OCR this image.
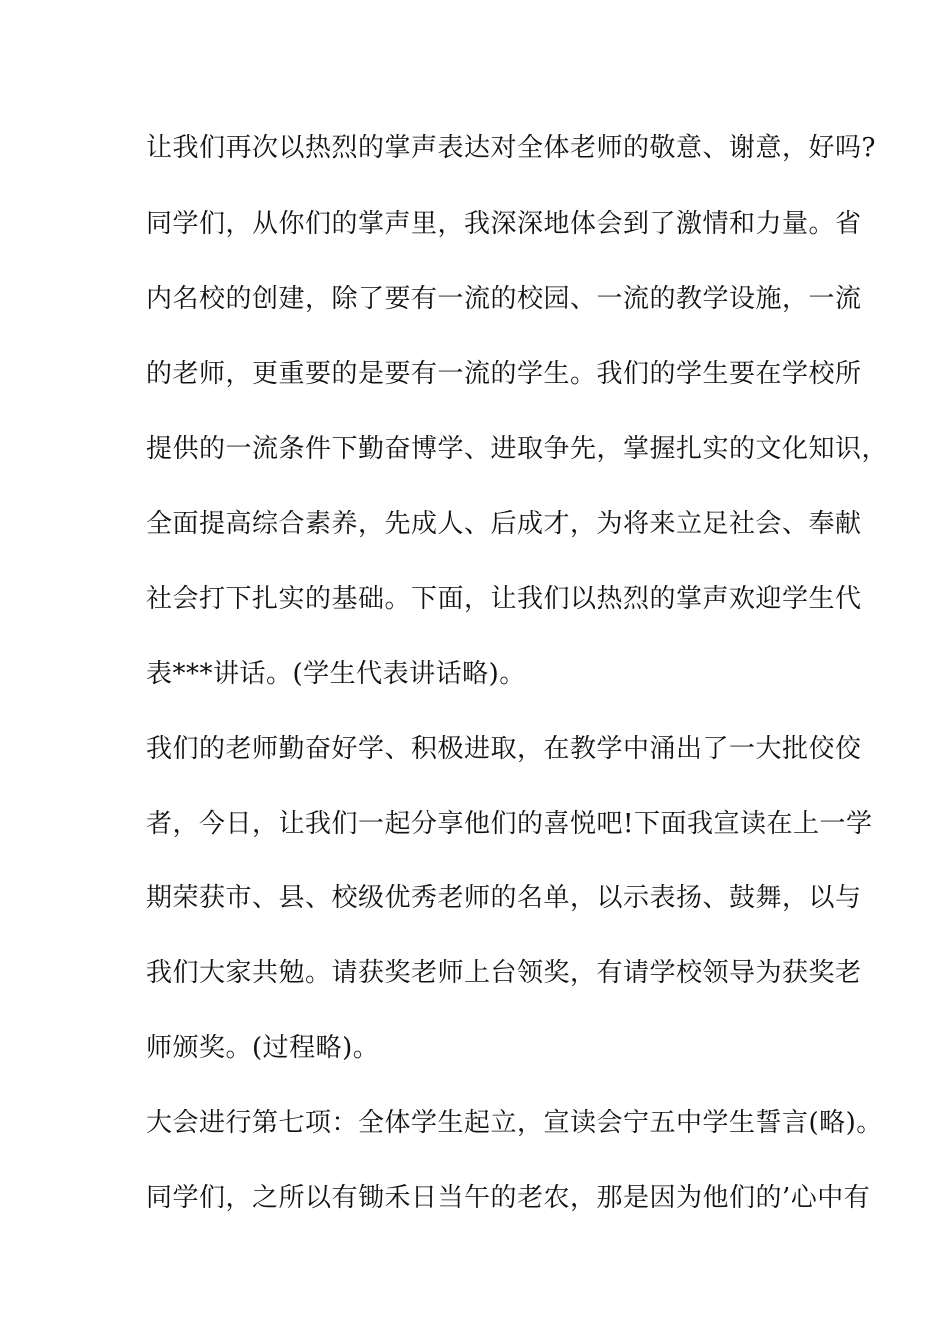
让我们再次以热烈的掌声表达对全体老师的敬意、谢意，好吗?
同学们，从你们的掌声里，我深深地体会到了激情和力量。省
内名校的创建，除了要有一流的校园、一流的教学设施，一流
的老师，更重要的是要有一流的学生。我们的学生要在学校所
提供的一流条件下勤奋博学、进取争先，掌握扎实的文化知识，
全面提高综合素养，先成人、后成才，为将来立足社会、奉献
社会打下扎实的基础。下面，让我们以热烈的掌声欢迎学生代
表***讲话。(学生代表讲话略)。
我们的老师勤奋好学、积极进取，在教学中涌出了一大批佼佼
者，今日，让我们一起分享他们的喜悦吧!下面我宣读在上一学
期荣获市、县、校级优秀老师的名单，以示表扬、鼓舞，以与
我们大家共勉。请获奖老师上台领奖，有请学校领导为获奖老
师颁奖。(过程略)。
大会进行第七项：全体学生起立，宣读会宁五中学生誓言(略)。
同学们，之所以有锄禾日当午的老农，那是因为他们的’心中有
